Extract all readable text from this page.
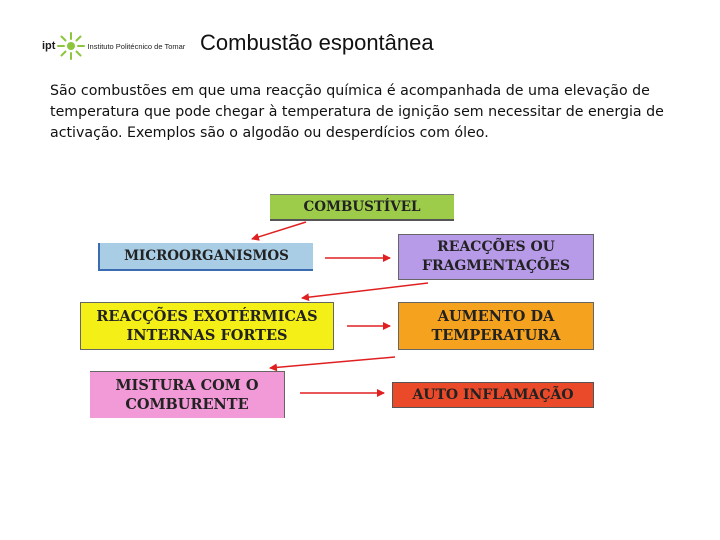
ipt	Instituto Politécnico de Tomar Combustão espontânea
São combustões em que uma reacção química é acompanhada de uma elevação de temperatura que pode chegar à temperatura de ignição sem necessitar de energia de activação. Exemplos são o algodão ou desperdícios com óleo.
COMBUSTÍVEL
MICROORGANISMOS
REACÇÕES OU
FRAGMENTAÇÕES
REACÇÕES EXOTÉRMICAS
INTERNAS FORTES
AUMENTO DA
TEMPERATURA
MISTURA COM O
COMBURENTE
AUTO INFLAMAÇÃO
